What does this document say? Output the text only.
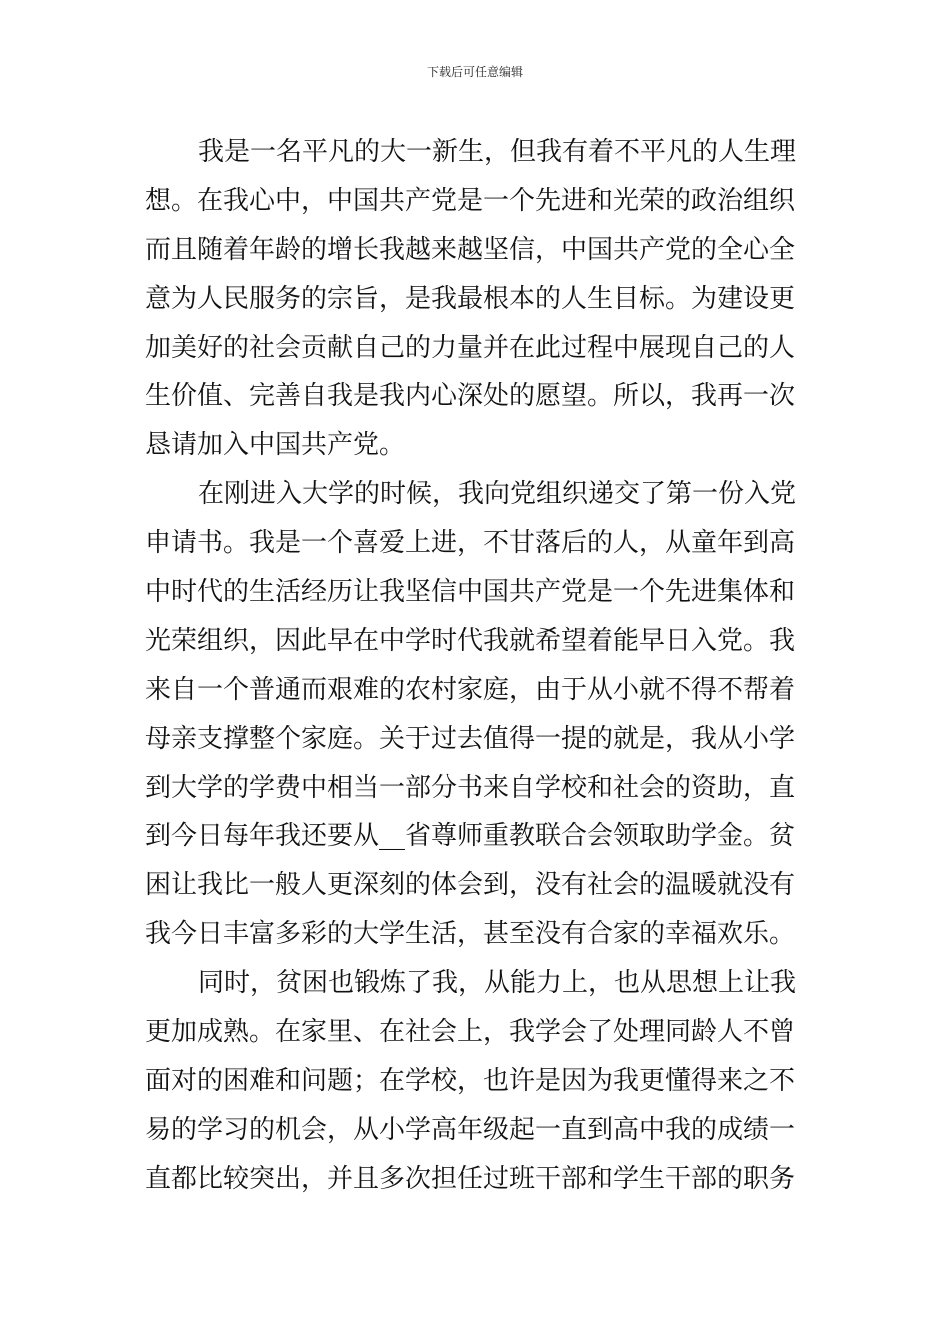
下载后可任意编辑
我是一名平凡的大一新生，但我有着不平凡的人生理
想。在我心中，中国共产党是一个先进和光荣的政治组织
而且随着年龄的增长我越来越坚信，中国共产党的全心全
意为人民服务的宗旨，是我最根本的人生目标。为建设更
加美好的社会贡献自己的力量并在此过程中展现自己的人
生价值、完善自我是我内心深处的愿望。所以，我再一次
恳请加入中国共产党。
在刚进入大学的时候，我向党组织递交了第一份入党
申请书。我是一个喜爱上进，不甘落后的人，从童年到高
中时代的生活经历让我坚信中国共产党是一个先进集体和
光荣组织，因此早在中学时代我就希望着能早日入党。我
来自一个普通而艰难的农村家庭，由于从小就不得不帮着
母亲支撑整个家庭。关于过去值得一提的就是，我从小学
到大学的学费中相当一部分书来自学校和社会的资助，直
到今日每年我还要从__省尊师重教联合会领取助学金。贫
困让我比一般人更深刻的体会到，没有社会的温暖就没有
我今日丰富多彩的大学生活，甚至没有合家的幸福欢乐。
同时，贫困也锻炼了我，从能力上，也从思想上让我
更加成熟。在家里、在社会上，我学会了处理同龄人不曾
面对的困难和问题；在学校，也许是因为我更懂得来之不
易的学习的机会，从小学高年级起一直到高中我的成绩一
直都比较突出，并且多次担任过班干部和学生干部的职务
